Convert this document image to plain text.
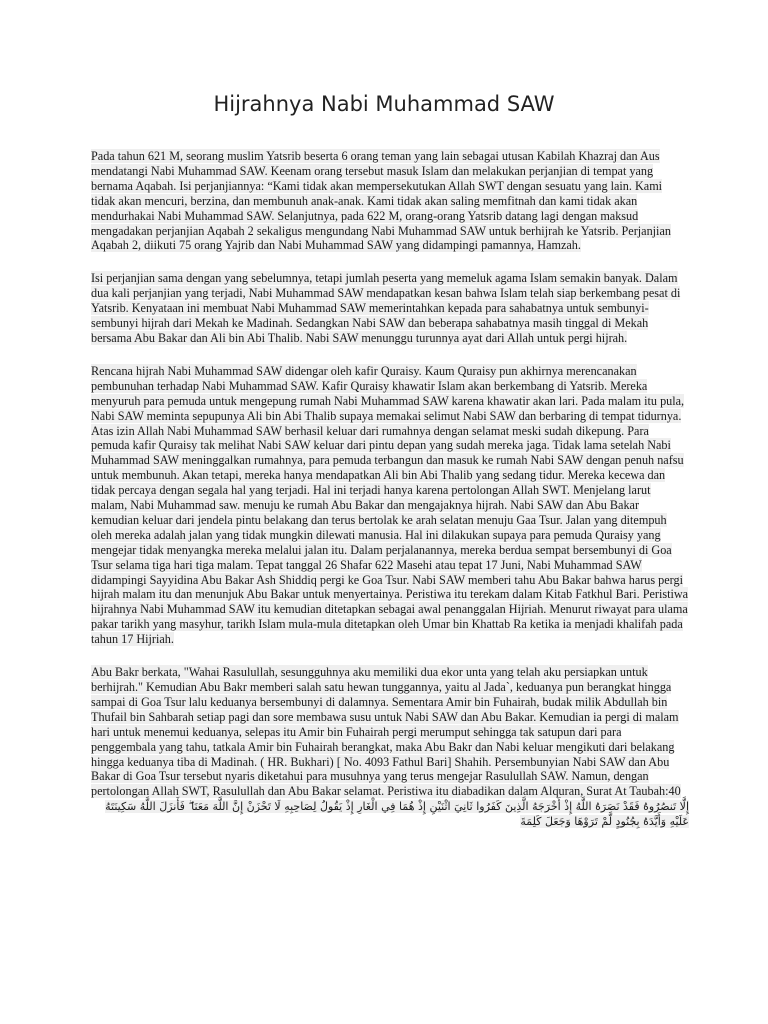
Hijrahnya Nabi Muhammad SAW

Pada tahun 621 M, seorang muslim Yatsrib beserta 6 orang teman yang lain sebagai utusan Kabilah Khazraj dan Aus mendatangi Nabi Muhammad SAW. Keenam orang tersebut masuk Islam dan melakukan perjanjian di tempat yang bernama Aqabah. Isi perjanjiannya: “Kami tidak akan mempersekutukan Allah SWT dengan sesuatu yang lain. Kami tidak akan mencuri, berzina, dan membunuh anak-anak. Kami tidak akan saling memfitnah dan kami tidak akan mendurhakai Nabi Muhammad SAW. Selanjutnya, pada 622 M, orang-orang Yatsrib datang lagi dengan maksud mengadakan perjanjian Aqabah 2 sekaligus mengundang Nabi Muhammad SAW untuk berhijrah ke Yatsrib. Perjanjian Aqabah 2, diikuti 75 orang Yajrib dan Nabi Muhammad SAW yang didampingi pamannya, Hamzah.

Isi perjanjian sama dengan yang sebelumnya, tetapi jumlah peserta yang memeluk agama Islam semakin banyak. Dalam dua kali perjanjian yang terjadi, Nabi Muhammad SAW mendapatkan kesan bahwa Islam telah siap berkembang pesat di Yatsrib. Kenyataan ini membuat Nabi Muhammad SAW memerintahkan kepada para sahabatnya untuk sembunyi-sembunyi hijrah dari Mekah ke Madinah. Sedangkan Nabi SAW dan beberapa sahabatnya masih tinggal di Mekah bersama Abu Bakar dan Ali bin Abi Thalib. Nabi SAW menunggu turunnya ayat dari Allah untuk pergi hijrah.

Rencana hijrah Nabi Muhammad SAW didengar oleh kafir Quraisy. Kaum Quraisy pun akhirnya merencanakan pembunuhan terhadap Nabi Muhammad SAW. Kafir Quraisy khawatir Islam akan berkembang di Yatsrib. Mereka menyuruh para pemuda untuk mengepung rumah Nabi Muhammad SAW karena khawatir akan lari. Pada malam itu pula, Nabi SAW meminta sepupunya Ali bin Abi Thalib supaya memakai selimut Nabi SAW dan berbaring di tempat tidurnya. Atas izin Allah Nabi Muhammad SAW berhasil keluar dari rumahnya dengan selamat meski sudah dikepung. Para pemuda kafir Quraisy tak melihat Nabi SAW keluar dari pintu depan yang sudah mereka jaga. Tidak lama setelah Nabi Muhammad SAW meninggalkan rumahnya, para pemuda terbangun dan masuk ke rumah Nabi SAW dengan penuh nafsu untuk membunuh. Akan tetapi, mereka hanya mendapatkan Ali bin Abi Thalib yang sedang tidur. Mereka kecewa dan tidak percaya dengan segala hal yang terjadi. Hal ini terjadi hanya karena pertolongan Allah SWT. Menjelang larut malam, Nabi Muhammad saw. menuju ke rumah Abu Bakar dan mengajaknya hijrah. Nabi SAW dan Abu Bakar kemudian keluar dari jendela pintu belakang dan terus bertolak ke arah selatan menuju Gaa Tsur. Jalan yang ditempuh oleh mereka adalah jalan yang tidak mungkin dilewati manusia. Hal ini dilakukan supaya para pemuda Quraisy yang mengejar tidak menyangka mereka melalui jalan itu. Dalam perjalanannya, mereka berdua sempat bersembunyi di Goa Tsur selama tiga hari tiga malam. Tepat tanggal 26 Shafar 622 Masehi atau tepat 17 Juni, Nabi Muhammad SAW didampingi Sayyidina Abu Bakar Ash Shiddiq pergi ke Goa Tsur. Nabi SAW memberi tahu Abu Bakar bahwa harus pergi hijrah malam itu dan menunjuk Abu Bakar untuk menyertainya. Peristiwa itu terekam dalam Kitab Fatkhul Bari. Peristiwa hijrahnya Nabi Muhammad SAW itu kemudian ditetapkan sebagai awal penanggalan Hijriah. Menurut riwayat para ulama pakar tarikh yang masyhur, tarikh Islam mula-mula ditetapkan oleh Umar bin Khattab Ra ketika ia menjadi khalifah pada tahun 17 Hijriah.

Abu Bakr berkata, "Wahai Rasulullah, sesungguhnya aku memiliki dua ekor unta yang telah aku persiapkan untuk berhijrah." Kemudian Abu Bakr memberi salah satu hewan tunggannya, yaitu al Jada`, keduanya pun berangkat hingga sampai di Goa Tsur lalu keduanya bersembunyi di dalamnya. Sementara Amir bin Fuhairah, budak milik Abdullah bin Thufail bin Sahbarah setiap pagi dan sore membawa susu untuk Nabi SAW dan Abu Bakar. Kemudian ia pergi di malam hari untuk menemui keduanya, selepas itu Amir bin Fuhairah pergi merumput sehingga tak satupun dari para penggembala yang tahu, tatkala Amir bin Fuhairah berangkat, maka Abu Bakr dan Nabi keluar mengikuti dari belakang hingga keduanya tiba di Madinah. ( HR. Bukhari) [ No. 4093 Fathul Bari] Shahih. Persembunyian Nabi SAW dan Abu Bakar di Goa Tsur tersebut nyaris diketahui para musuhnya yang terus mengejar Rasulullah SAW. Namun, dengan pertolongan Allah SWT, Rasulullah dan Abu Bakar selamat. Peristiwa itu diabadikan dalam Alquran, Surat At Taubah:40

إِلَّا تَنصُرُوهُ فَقَدْ نَصَرَهُ اللَّهُ إِذْ أَخْرَجَهُ الَّذِينَ كَفَرُوا ثَانِيَ اثْنَيْنِ إِذْ هُمَا فِي الْغَارِ إِذْ يَقُولُ لِصَاحِبِهِ لَا تَحْزَنْ إِنَّ اللَّهَ مَعَنَا ۖ فَأَنزَلَ اللَّهُ سَكِينَتَهُ عَلَيْهِ وَأَيَّدَهُ بِجُنُودٍ لَّمْ تَرَوْهَا وَجَعَلَ كَلِمَةَ
